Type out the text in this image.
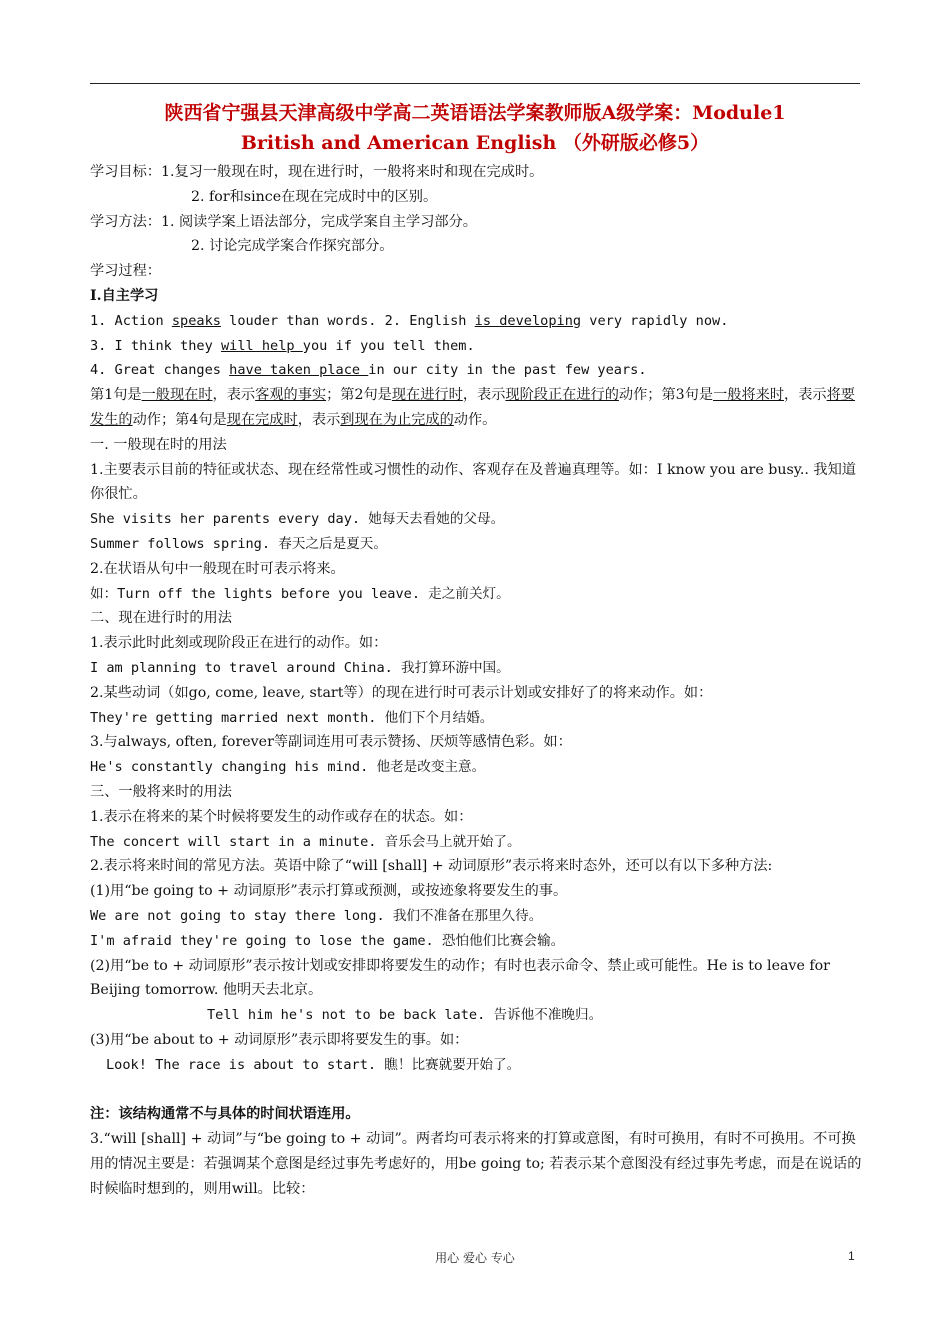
陕西省宁强县天津高级中学高二英语语法学案教师版A级学案：Module1
British and American English （外研版必修5）

学习目标：1.复习一般现在时，现在进行时，一般将来时和现在完成时。

2. for和since在现在完成时中的区别。

学习方法：1. 阅读学案上语法部分，完成学案自主学习部分。

2. 讨论完成学案合作探究部分。

学习过程：

Ⅰ.自主学习

1. Action speaks louder than words. 2. English is developing very rapidly now.

3. I think they will help you if you tell them.

4. Great changes have taken place in our city in the past few years.

第1句是一般现在时，表示客观的事实；第2句是现在进行时，表示现阶段正在进行的动作；第3句是一般将来时，表示将要发生的动作；第4句是现在完成时，表示到现在为止完成的动作。

一. 一般现在时的用法

1.主要表示目前的特征或状态、现在经常性或习惯性的动作、客观存在及普遍真理等。如：I know you are busy.. 我知道你很忙。

She visits her parents every day. 她每天去看她的父母。

Summer follows spring. 春天之后是夏天。

2.在状语从句中一般现在时可表示将来。

如：Turn off the lights before you leave. 走之前关灯。

二、现在进行时的用法

1.表示此时此刻或现阶段正在进行的动作。如：

I am planning to travel around China. 我打算环游中国。

2.某些动词（如go, come, leave, start等）的现在进行时可表示计划或安排好了的将来动作。如：

They're getting married next month. 他们下个月结婚。

3.与always, often, forever等副词连用可表示赞扬、厌烦等感情色彩。如：

He's constantly changing his mind. 他老是改变主意。

三、一般将来时的用法

1.表示在将来的某个时候将要发生的动作或存在的状态。如：

The concert will start in a minute. 音乐会马上就开始了。

2.表示将来时间的常见方法。英语中除了“will [shall] + 动词原形”表示将来时态外，还可以有以下多种方法:

(1)用“be going to + 动词原形”表示打算或预测，或按迹象将要发生的事。

We are not going to stay there long. 我们不准备在那里久待。

I'm afraid they're going to lose the game. 恐怕他们比赛会输。

(2)用“be to + 动词原形”表示按计划或安排即将要发生的动作；有时也表示命令、禁止或可能性。He is to leave for Beijing tomorrow. 他明天去北京。

Tell him he's not to be back late. 告诉他不准晚归。

(3)用“be about to + 动词原形”表示即将要发生的事。如：

Look! The race is about to start. 瞧！比赛就要开始了。

注：该结构通常不与具体的时间状语连用。

3.“will [shall] + 动词”与“be going to + 动词”。两者均可表示将来的打算或意图，有时可换用，有时不可换用。不可换用的情况主要是：若强调某个意图是经过事先考虑好的，用be going to; 若表示某个意图没有经过事先考虑，而是在说话的时候临时想到的，则用will。比较：

用心 爱心 专心	1
